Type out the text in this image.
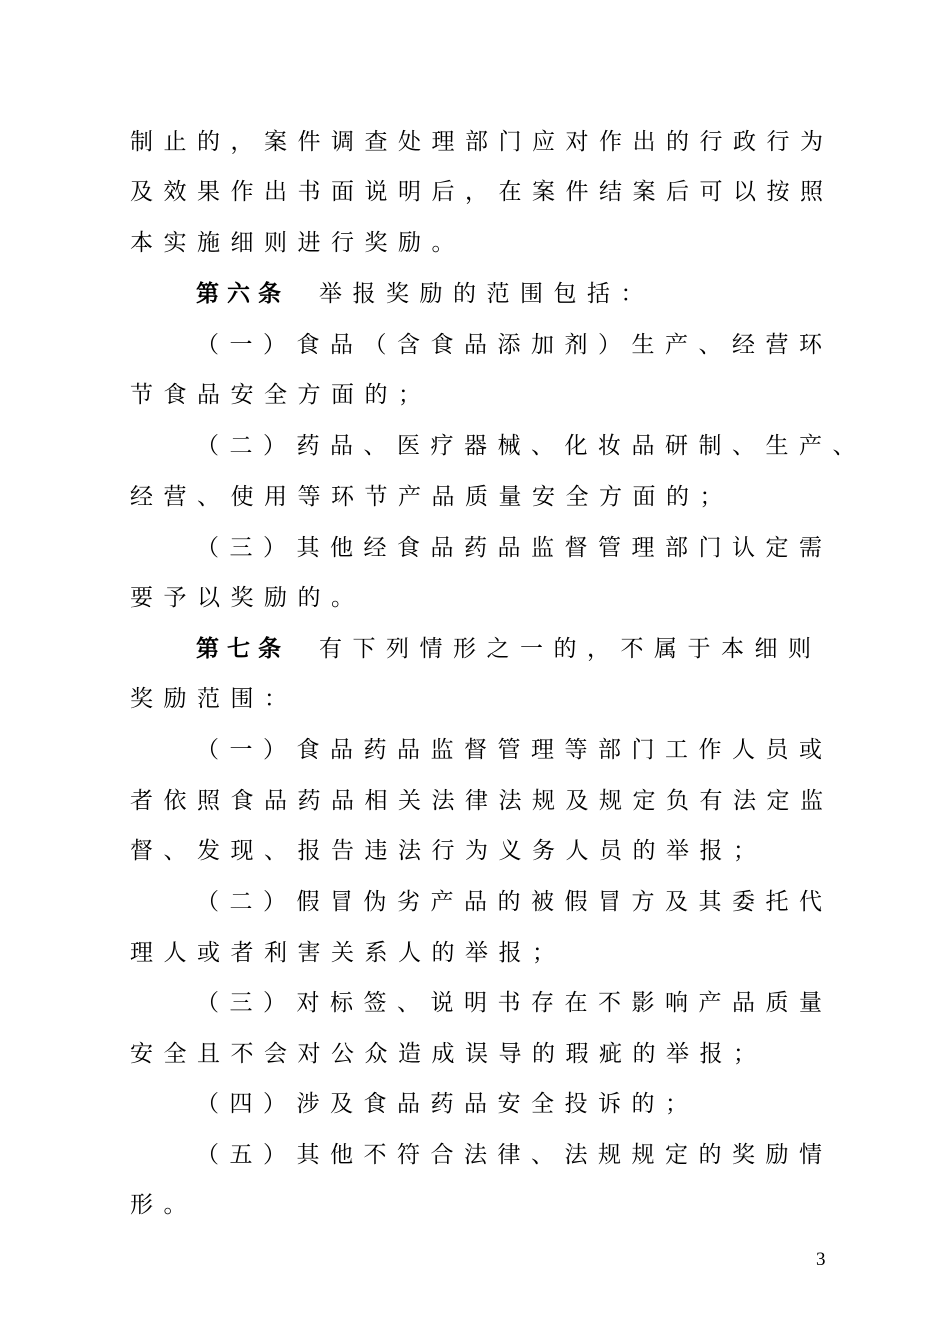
制止的，案件调查处理部门应对作出的行政行为
及效果作出书面说明后，在案件结案后可以按照
本实施细则进行奖励。
第六条 举报奖励的范围包括：
（一）食品（含食品添加剂）生产、经营环
节食品安全方面的；
（二）药品、医疗器械、化妆品研制、生产、
经营、使用等环节产品质量安全方面的；
（三）其他经食品药品监督管理部门认定需
要予以奖励的。
第七条 有下列情形之一的，不属于本细则
奖励范围：
（一）食品药品监督管理等部门工作人员或
者依照食品药品相关法律法规及规定负有法定监
督、发现、报告违法行为义务人员的举报；
（二）假冒伪劣产品的被假冒方及其委托代
理人或者利害关系人的举报；
（三）对标签、说明书存在不影响产品质量
安全且不会对公众造成误导的瑕疵的举报；
（四）涉及食品药品安全投诉的；
（五）其他不符合法律、法规规定的奖励情
形。
3
